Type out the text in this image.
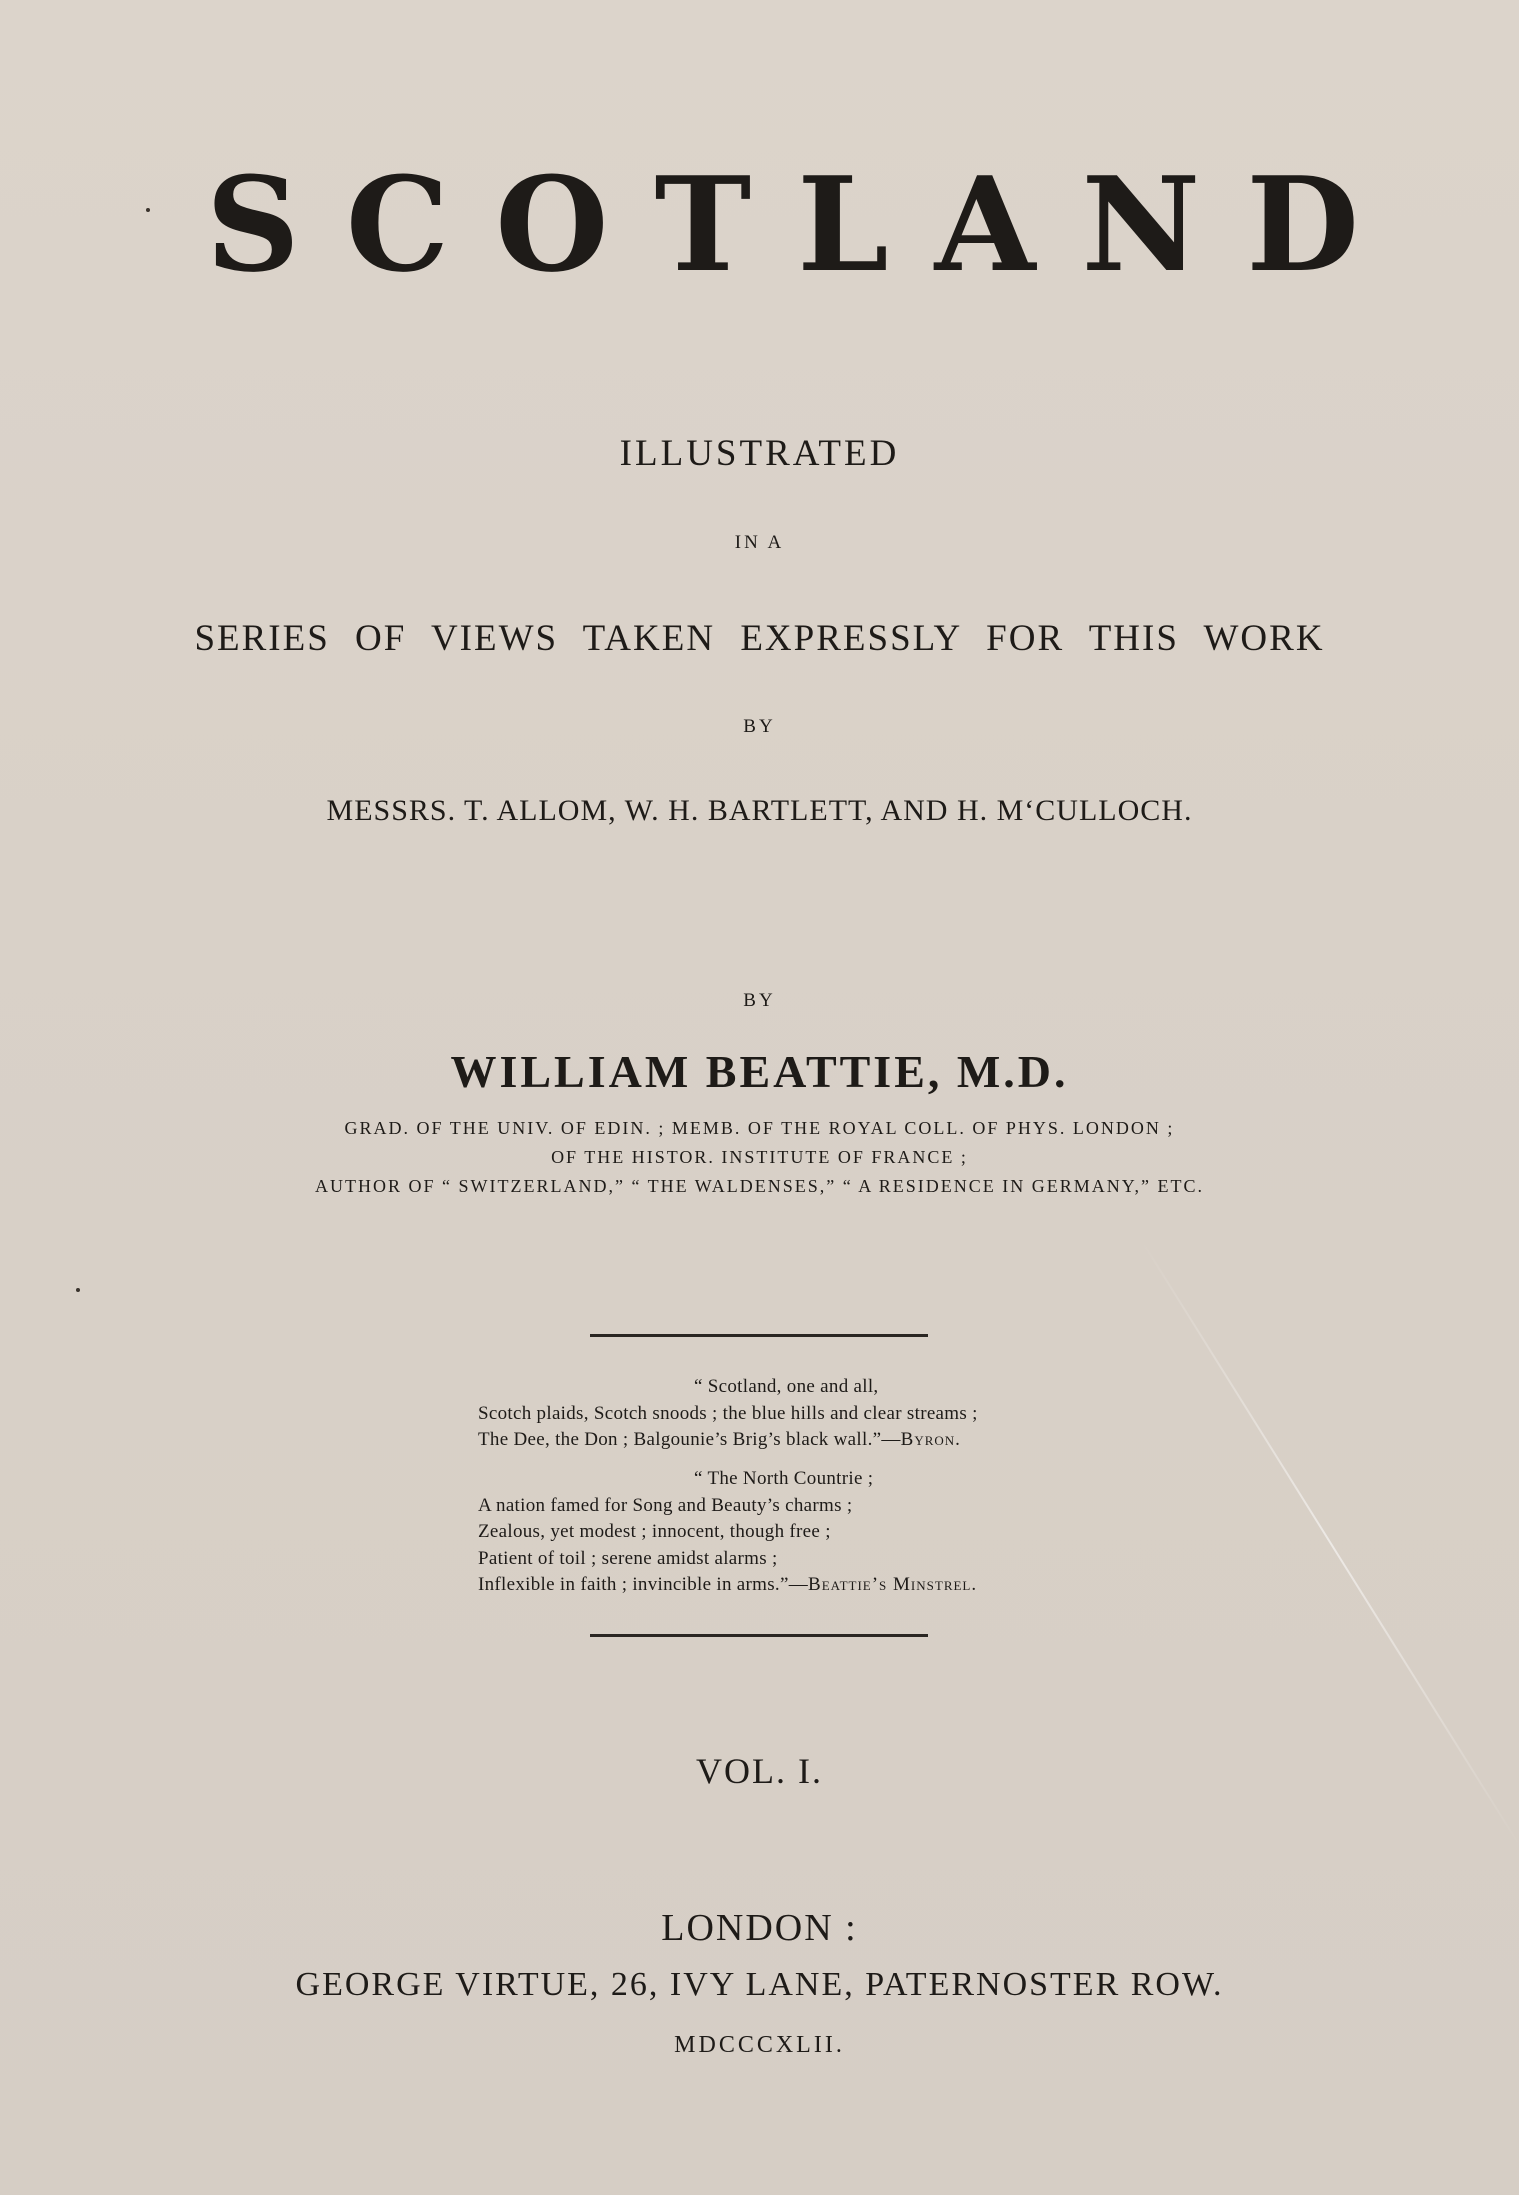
SCOTLAND
ILLUSTRATED
IN A
SERIES OF VIEWS TAKEN EXPRESSLY FOR THIS WORK
BY
MESSRS. T. ALLOM, W. H. BARTLETT, AND H. M‘CULLOCH.
BY
WILLIAM BEATTIE, M.D.
GRAD. OF THE UNIV. OF EDIN. ; MEMB. OF THE ROYAL COLL. OF PHYS. LONDON ;
OF THE HISTOR. INSTITUTE OF FRANCE ;
AUTHOR OF “ SWITZERLAND,” “ THE WALDENSES,” “ A RESIDENCE IN GERMANY,” ETC.
“ Scotland, one and all,
Scotch plaids, Scotch snoods ; the blue hills and clear streams ;
The Dee, the Don ; Balgounie’s Brig’s black wall.”—Byron.
“ The North Countrie ;
A nation famed for Song and Beauty’s charms ;
Zealous, yet modest ; innocent, though free ;
Patient of toil ; serene amidst alarms ;
Inflexible in faith ; invincible in arms.”—Beattie’s Minstrel.
VOL. I.
LONDON :
GEORGE VIRTUE, 26, IVY LANE, PATERNOSTER ROW.
MDCCCXLII.
